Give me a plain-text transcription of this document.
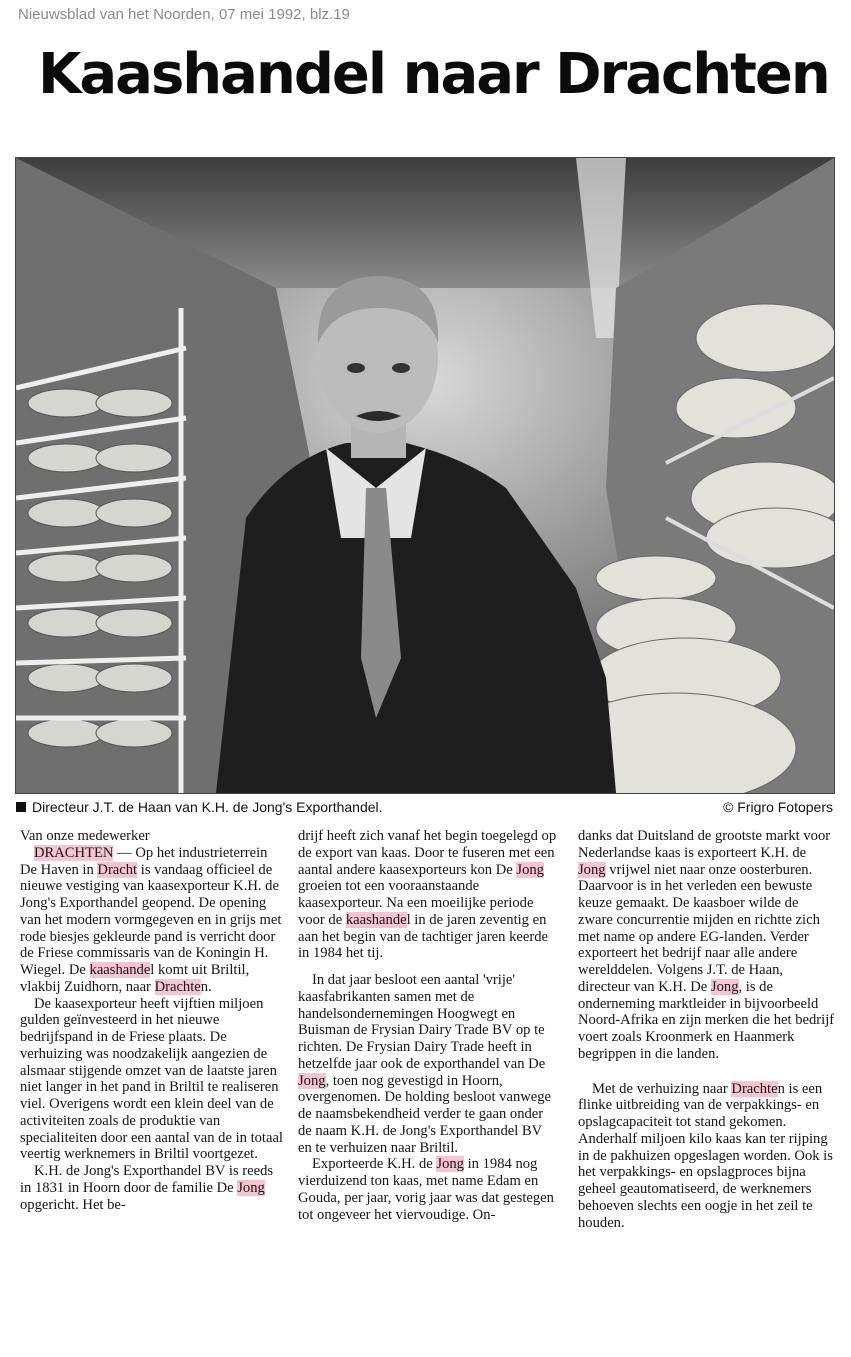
Nieuwsblad van het Noorden, 07 mei 1992, blz.19
Kaashandel naar Drachten
Directeur J.T. de Haan van K.H. de Jong's Exporthandel.	© Frigro Fotopers

Van onze medewerker

DRACHTEN — Op het industrieterrein De Haven in Dracht is vandaag officieel de nieuwe vestiging van kaasexporteur K.H. de Jong's Exporthandel geopend. De opening van het modern vormgegeven en in grijs met rode biesjes gekleurde pand is verricht door de Friese commissaris van de Koningin H. Wiegel. De kaashandel komt uit Briltil, vlakbij Zuidhorn, naar Drachten.

De kaasexporteur heeft vijftien miljoen gulden geïnvesteerd in het nieuwe bedrijfspand in de Friese plaats. De verhuizing was noodzakelijk aangezien de alsmaar stijgende omzet van de laatste jaren niet langer in het pand in Briltil te realiseren viel. Overigens wordt een klein deel van de activiteiten zoals de produktie van specialiteiten door een aantal van de in totaal veertig werknemers in Briltil voortgezet.

K.H. de Jong's Exporthandel BV is reeds in 1831 in Hoorn door de familie De Jong opgericht. Het be-

drijf heeft zich vanaf het begin toegelegd op de export van kaas. Door te fuseren met een aantal andere kaasexporteurs kon De Jong groeien tot een vooraanstaande kaasexporteur. Na een moeilijke periode voor de kaashandel in de jaren zeventig en aan het begin van de tachtiger jaren keerde in 1984 het tij.

In dat jaar besloot een aantal 'vrije' kaasfabrikanten samen met de handelsondernemingen Hoogwegt en Buisman de Frysian Dairy Trade BV op te richten. De Frysian Dairy Trade heeft in hetzelfde jaar ook de exporthandel van De Jong, toen nog gevestigd in Hoorn, overgenomen. De holding besloot vanwege de naamsbekendheid verder te gaan onder de naam K.H. de Jong's Exporthandel BV en te verhuizen naar Briltil.

Exporteerde K.H. de Jong in 1984 nog vierduizend ton kaas, met name Edam en Gouda, per jaar, vorig jaar was dat gestegen tot ongeveer het viervoudige. On-

danks dat Duitsland de grootste markt voor Nederlandse kaas is exporteert K.H. de Jong vrijwel niet naar onze oosterburen. Daarvoor is in het verleden een bewuste keuze gemaakt. De kaasboer wilde de zware concurrentie mijden en richtte zich met name op andere EG-landen. Verder exporteert het bedrijf naar alle andere werelddelen. Volgens J.T. de Haan, directeur van K.H. De Jong, is de onderneming marktleider in bijvoorbeeld Noord-Afrika en zijn merken die het bedrijf voert zoals Kroonmerk en Haanmerk begrippen in die landen.

Met de verhuizing naar Drachten is een flinke uitbreiding van de verpakkings- en opslagcapaciteit tot stand gekomen. Anderhalf miljoen kilo kaas kan ter rijping in de pakhuizen opgeslagen worden. Ook is het verpakkings- en opslagproces bijna geheel geautomatiseerd, de werknemers behoeven slechts een oogje in het zeil te houden.
